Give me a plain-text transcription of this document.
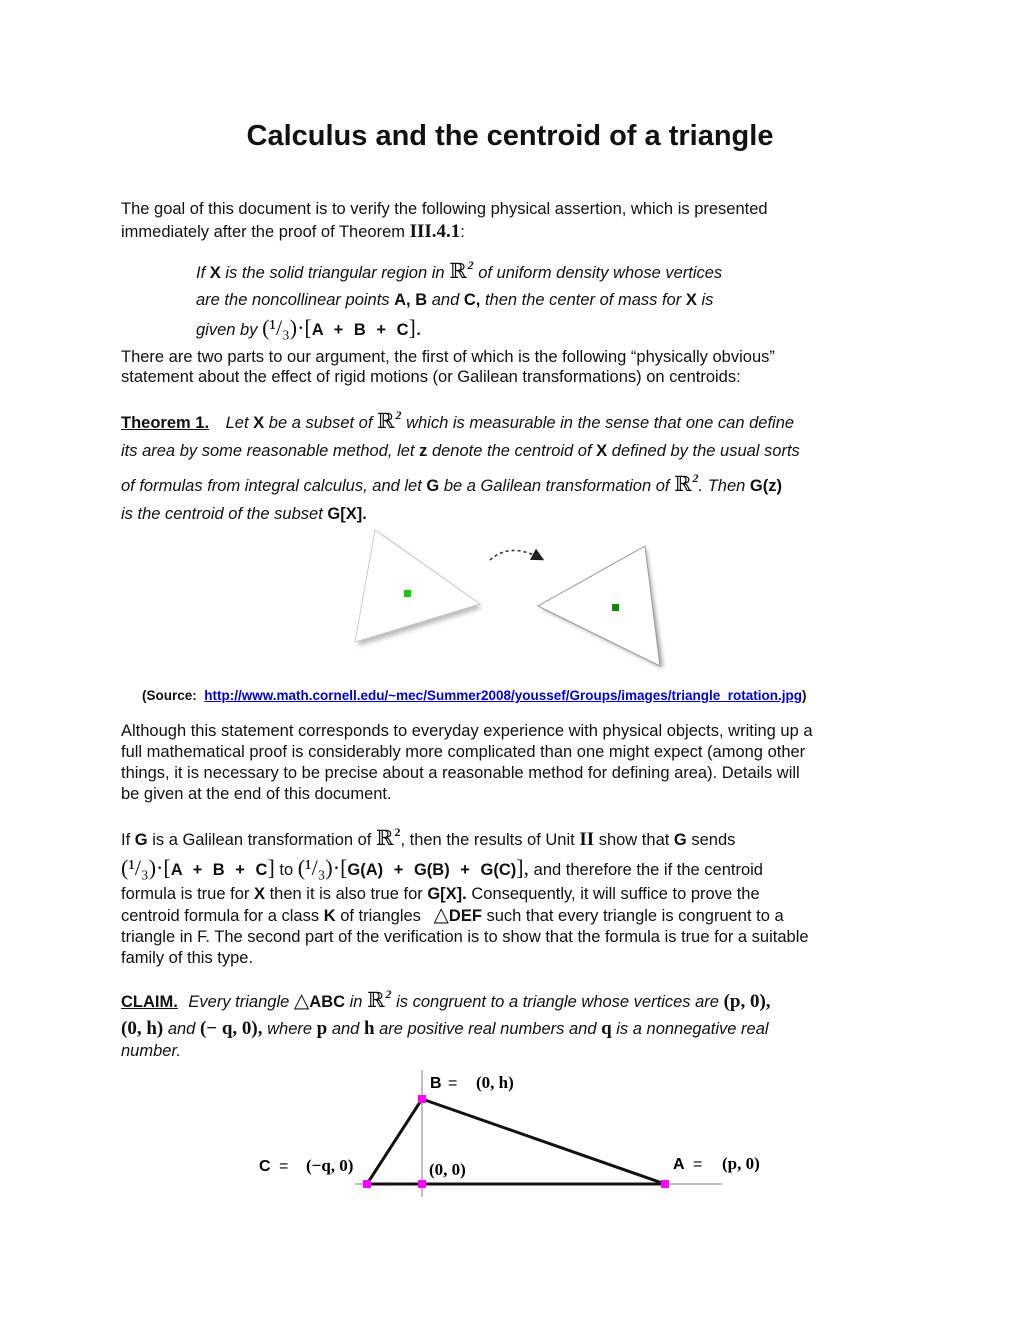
Calculus and the centroid of a triangle
The goal of this document is to verify the following physical assertion, which is presented
immediately after the proof of Theorem III.4.1:
If X is the solid triangular region in ℝ$^2$ of uniform density whose vertices
are the noncollinear points A, B and C, then the center of mass for X is
given by (¹/₃)·[A + B + C].
There are two parts to our argument, the first of which is the following “physically obvious”
statement about the effect of rigid motions (or Galilean transformations) on centroids:
Theorem 1. Let X be a subset of ℝ$^2$ which is measurable in the sense that one can define
its area by some reasonable method, let z denote the centroid of X defined by the usual sorts
of formulas from integral calculus, and let G be a Galilean transformation of ℝ$^2$. Then G(z)
is the centroid of the subset G[X].
(Source: http://www.math.cornell.edu/~mec/Summer2008/youssef/Groups/images/triangle_rotation.jpg)
Although this statement corresponds to everyday experience with physical objects, writing up a
full mathematical proof is considerably more complicated than one might expect (among other
things, it is necessary to be precise about a reasonable method for defining area). Details will
be given at the end of this document.
If G is a Galilean transformation of ℝ$^2$, then the results of Unit II show that G sends
(¹/₃)·[A + B + C] to (¹/₃)·[G(A) + G(B) + G(C)], and therefore the if the centroid
formula is true for X then it is also true for G[X]. Consequently, it will suffice to prove the
centroid formula for a class K of triangles △DEF such that every triangle is congruent to a
triangle in F. The second part of the verification is to show that the formula is true for a suitable
family of this type.
CLAIM. Every triangle △ABC in ℝ$^2$ is congruent to a triangle whose vertices are (p, 0),
(0, h) and (− q, 0), where p and h are positive real numbers and q is a nonnegative real
number.
B = (0, h)
C = (−q, 0)	(0, 0)	A = (p, 0)
